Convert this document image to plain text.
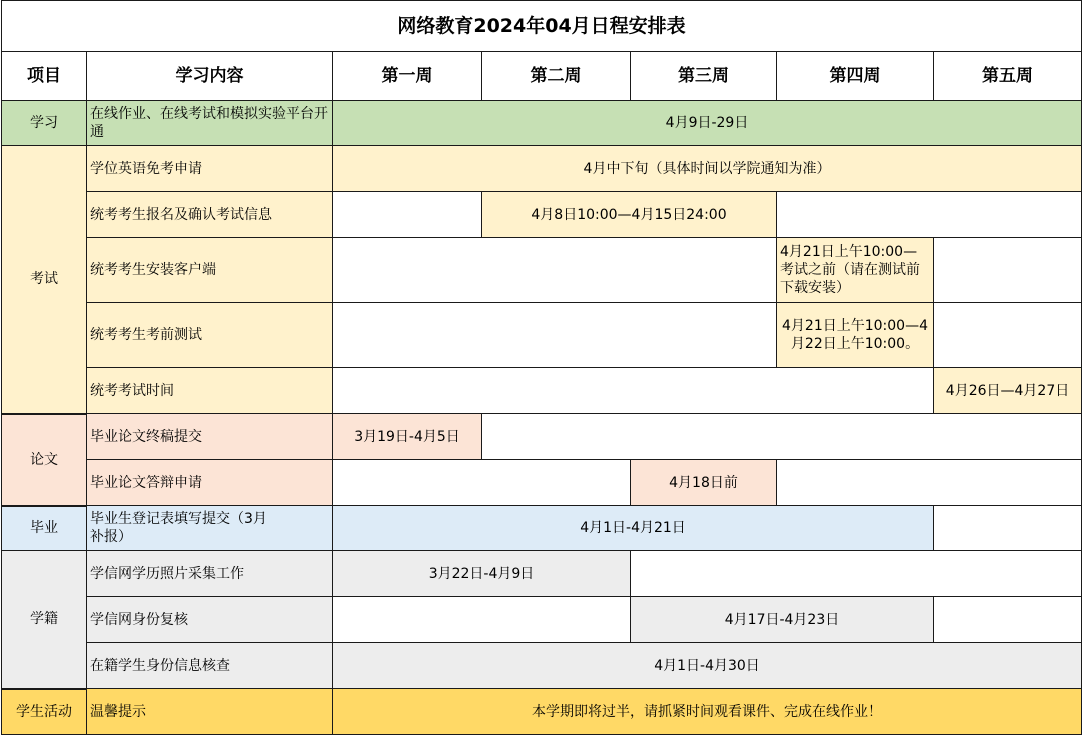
网络教育2024年04月日程安排表						
项目	学习内容	第一周	第二周	第三周	第四周	第五周
学习	在线作业、在线考试和模拟实验平台开通	4月9日-29日				
考试	学位英语免考申请	4月中下旬（具体时间以学院通知为准）				
	统考考生报名及确认考试信息		4月8日10:00—4月15日24:00			
	统考考生安装客户端				4月21日上午10:00—考试之前（请在测试前下载安装）	
	统考考生考前测试				4月21日上午10:00—4月22日上午10:00。	
	统考考试时间					4月26日—4月27日
论文	毕业论文终稿提交	3月19日-4月5日				
	毕业论文答辩申请			4月18日前		
毕业	毕业生登记表填写提交（3月补报）	4月1日-4月21日				
学籍	学信网学历照片采集工作	3月22日-4月9日				
	学信网身份复核			4月17日-4月23日		
	在籍学生身份信息核查	4月1日-4月30日				
学生活动	温馨提示	本学期即将过半，请抓紧时间观看课件、完成在线作业！				
